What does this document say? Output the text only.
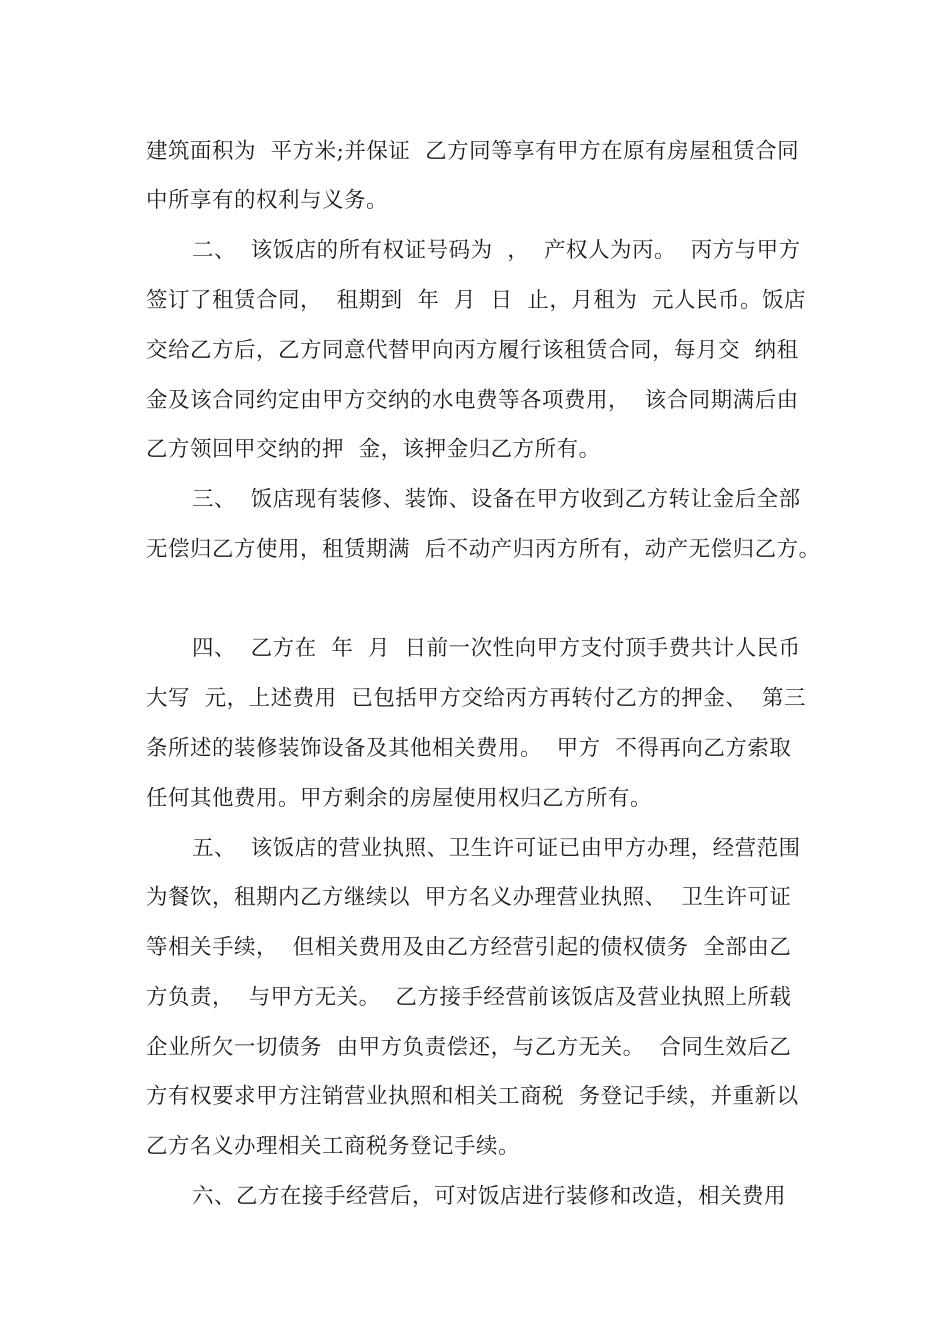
建筑面积为  平方米;并保证  乙方同等享有甲方在原有房屋租赁合同
中所享有的权利与义务。
二、  该饭店的所有权证号码为  ，  产权人为丙。  丙方与甲方
签订了租赁合同，  租期到  年  月  日  止，月租为  元人民币。饭店
交给乙方后，乙方同意代替甲向丙方履行该租赁合同，每月交  纳租
金及该合同约定由甲方交纳的水电费等各项费用，  该合同期满后由
乙方领回甲交纳的押  金，该押金归乙方所有。
三、  饭店现有装修、装饰、设备在甲方收到乙方转让金后全部
无偿归乙方使用，租赁期满  后不动产归丙方所有，动产无偿归乙方。
四、  乙方在  年  月  日前一次性向甲方支付顶手费共计人民币
大写  元，上述费用  已包括甲方交给丙方再转付乙方的押金、  第三
条所述的装修装饰设备及其他相关费用。  甲方  不得再向乙方索取
任何其他费用。甲方剩余的房屋使用权归乙方所有。
五、  该饭店的营业执照、卫生许可证已由甲方办理，经营范围
为餐饮，租期内乙方继续以  甲方名义办理营业执照、  卫生许可证
等相关手续，  但相关费用及由乙方经营引起的债权债务  全部由乙
方负责，  与甲方无关。  乙方接手经营前该饭店及营业执照上所载
企业所欠一切债务  由甲方负责偿还，与乙方无关。  合同生效后乙
方有权要求甲方注销营业执照和相关工商税  务登记手续，并重新以
乙方名义办理相关工商税务登记手续。
六、乙方在接手经营后，可对饭店进行装修和改造，相关费用
